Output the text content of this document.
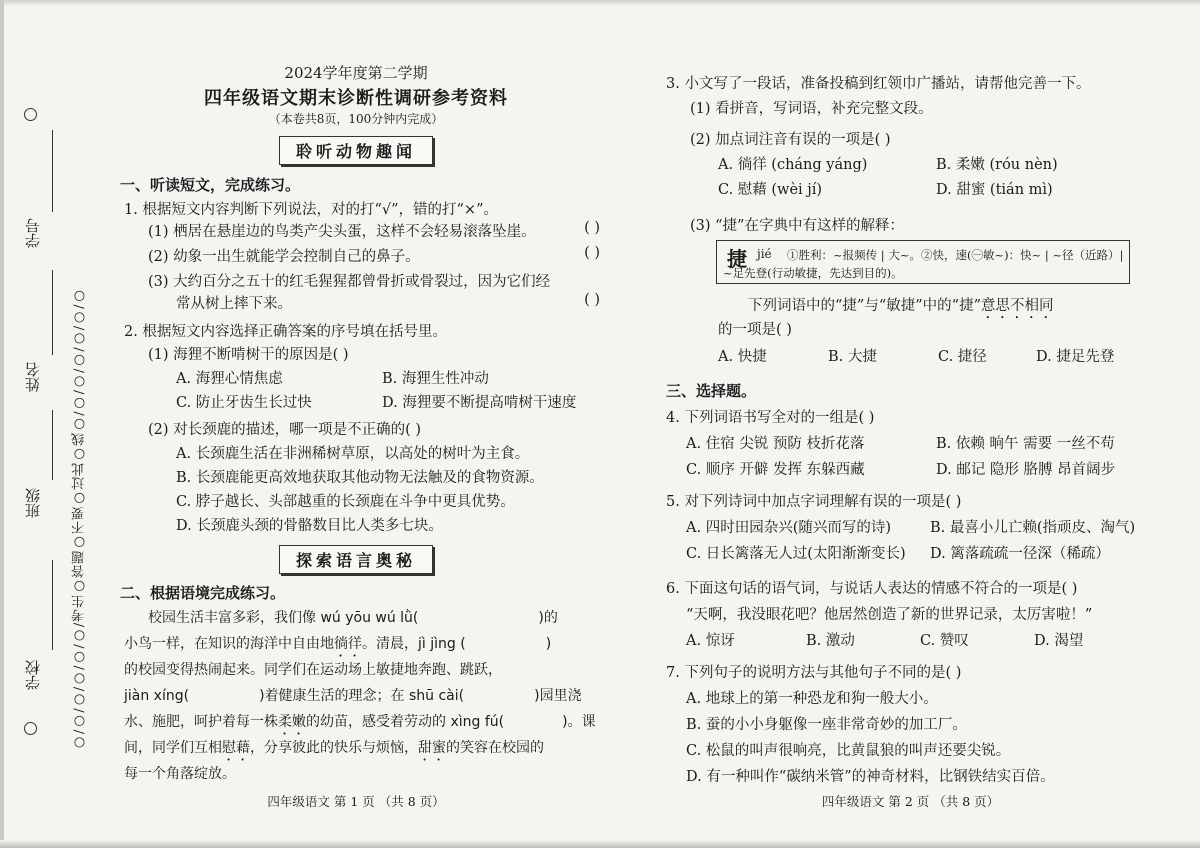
○/○/○/○/○/○/考生○答题○不要○过此○线○/○/○/○/○/○/○
学校
班级
姓名
学号
2024学年度第二学期
四年级语文期末诊断性调研参考资料
（本卷共8页，100分钟内完成）
聆听动物趣闻
一、听读短文，完成练习。
1. 根据短文内容判断下列说法，对的打“√”，错的打“×”。
(1) 栖居在悬崖边的鸟类产尖头蛋，这样不会轻易滚落坠崖。	( )
(2) 幼象一出生就能学会控制自己的鼻子。	( )
(3) 大约百分之五十的红毛猩猩都曾骨折或骨裂过，因为它们经
常从树上摔下来。	( )
2. 根据短文内容选择正确答案的序号填在括号里。
(1) 海狸不断啃树干的原因是( )
A. 海狸心情焦虑	B. 海狸生性冲动
C. 防止牙齿生长过快	D. 海狸要不断提高啃树干速度
(2) 对长颈鹿的描述，哪一项是不正确的( )
A. 长颈鹿生活在非洲稀树草原，以高处的树叶为主食。
B. 长颈鹿能更高效地获取其他动物无法触及的食物资源。
C. 脖子越长、头部越重的长颈鹿在斗争中更具优势。
D. 长颈鹿头颈的骨骼数目比人类多七块。
探索语言奥秘
二、根据语境完成练习。
校园生活丰富多彩，我们像 wú yōu wú lǜ(	)的
小鸟一样，在知识的海洋中自由地徜徉。清晨，jì jìng (	)
的校园变得热闹起来。同学们在运动场上敏捷地奔跑、跳跃，
jiàn xíng(	)着健康生活的理念；在 shū cài(	)园里浇
水、施肥，呵护着每一株柔嫩的幼苗，感受着劳动的 xìng fú(	)。课
间，同学们互相慰藉，分享彼此的快乐与烦恼，甜蜜的笑容在校园的
每一个角落绽放。
四年级语文 第 1 页 （共 8 页）
3. 小文写了一段话，准备投稿到红领巾广播站，请帮他完善一下。
(1) 看拼音，写词语，补充完整文段。
(2) 加点词注音有误的一项是( )
A. 徜徉 (cháng yáng)	B. 柔嫩 (róu nèn)
C. 慰藉 (wèi jí)	D. 甜蜜 (tián mì)
(3) “捷”在字典中有这样的解释：
捷 jié ①胜利：~报频传 | 大~。②快，速(㊀敏~)：快~ | ~径（近路）|
~足先登(行动敏捷，先达到目的)。
下列词语中的“捷”与“敏捷”中的“捷”意思不相同
的一项是( )
A. 快捷	B. 大捷	C. 捷径	D. 捷足先登
三、选择题。
4. 下列词语书写全对的一组是( )
A. 住宿 尖锐 预防 枝折花落	B. 依赖 晌午 需要 一丝不苟
C. 顺序 开僻 发挥 东躲西藏	D. 邮记 隐形 胳膊 昂首阔步
5. 对下列诗词中加点字词理解有误的一项是( )
A. 四时田园杂兴(随兴而写的诗)	B. 最喜小儿亡赖(指顽皮、淘气)
C. 日长篱落无人过(太阳渐渐变长) D. 篱落疏疏一径深（稀疏）
6. 下面这句话的语气词，与说话人表达的情感不符合的一项是( )
“天啊，我没眼花吧？他居然创造了新的世界记录，太厉害啦！”
A. 惊讶	B. 激动	C. 赞叹	D. 渴望
7. 下列句子的说明方法与其他句子不同的是( )
A. 地球上的第一种恐龙和狗一般大小。
B. 蚕的小小身躯像一座非常奇妙的加工厂。
C. 松鼠的叫声很响亮，比黄鼠狼的叫声还要尖锐。
D. 有一种叫作“碳纳米管”的神奇材料，比钢铁结实百倍。
四年级语文 第 2 页 （共 8 页）
